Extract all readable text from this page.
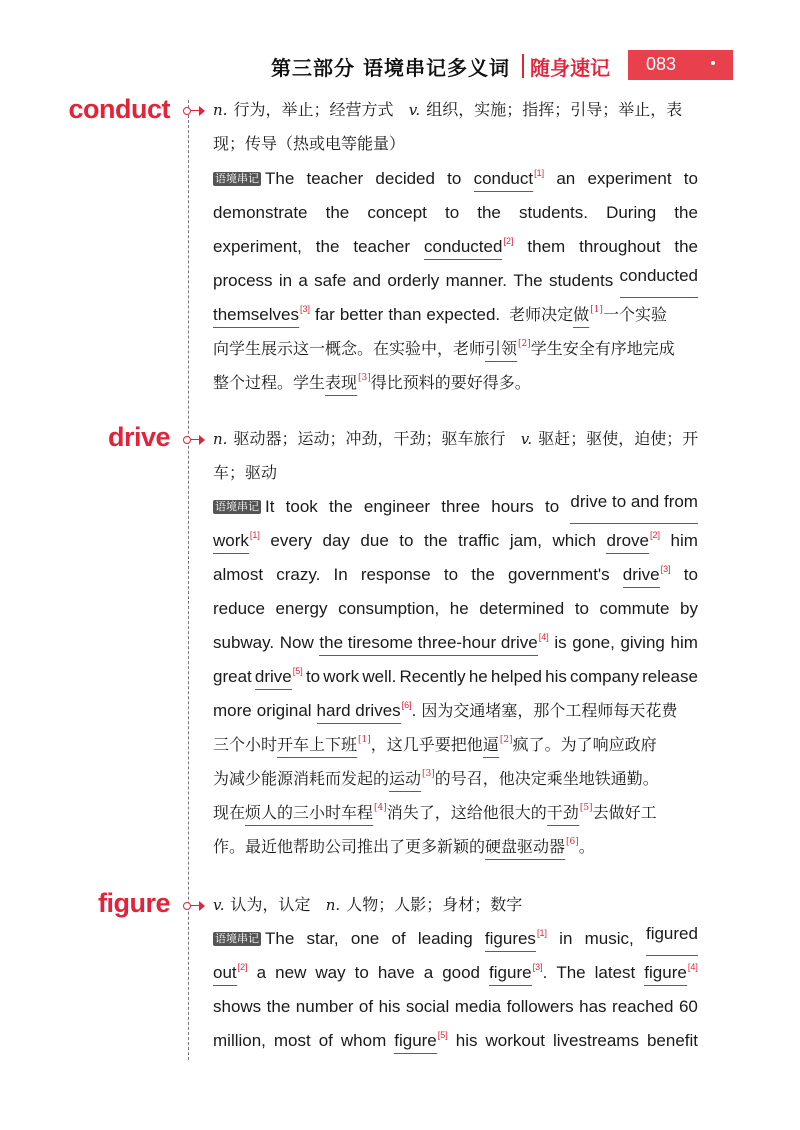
第三部分 语境串记多义词 随身速记 083
conduct	n. 行为，举止；经营方式 v. 组织，实施；指挥；引导；举止，表
现；传导（热或电等能量）
语境串记 The teacher decided to conduct[1] an experiment to
demonstrate the concept to the students. During the
experiment, the teacher conducted[2] them throughout the
process in a safe and orderly manner. The students conducted
themselves[3] far better than expected. 老师决定做[1]一个实验
向学生展示这一概念。在实验中，老师引领[2]学生安全有序地完成
整个过程。学生表现[3]得比预料的要好得多。
drive	n. 驱动器；运动；冲劲，干劲；驱车旅行 v. 驱赶；驱使，迫使；开
车；驱动
语境串记 It took the engineer three hours to drive to and from
work[1] every day due to the traffic jam, which drove[2] him
almost crazy. In response to the government's drive[3] to
reduce energy consumption, he determined to commute by
subway. Now the tiresome three-hour drive[4] is gone, giving him
great drive[5] to work well. Recently he helped his company release
more original hard drives[6]. 因为交通堵塞，那个工程师每天花费
三个小时开车上下班[1]，这几乎要把他逼[2]疯了。为了响应政府
为减少能源消耗而发起的运动[3]的号召，他决定乘坐地铁通勤。
现在烦人的三小时车程[4]消失了，这给他很大的干劲[5]去做好工
作。最近他帮助公司推出了更多新颖的硬盘驱动器[6]。
figure	v. 认为，认定 n. 人物；人影；身材；数字
语境串记 The star, one of leading figures[1] in music, figured
out[2] a new way to have a good figure[3]. The latest figure[4]
shows the number of his social media followers has reached 60
million, most of whom figure[5] his workout livestreams benefit
